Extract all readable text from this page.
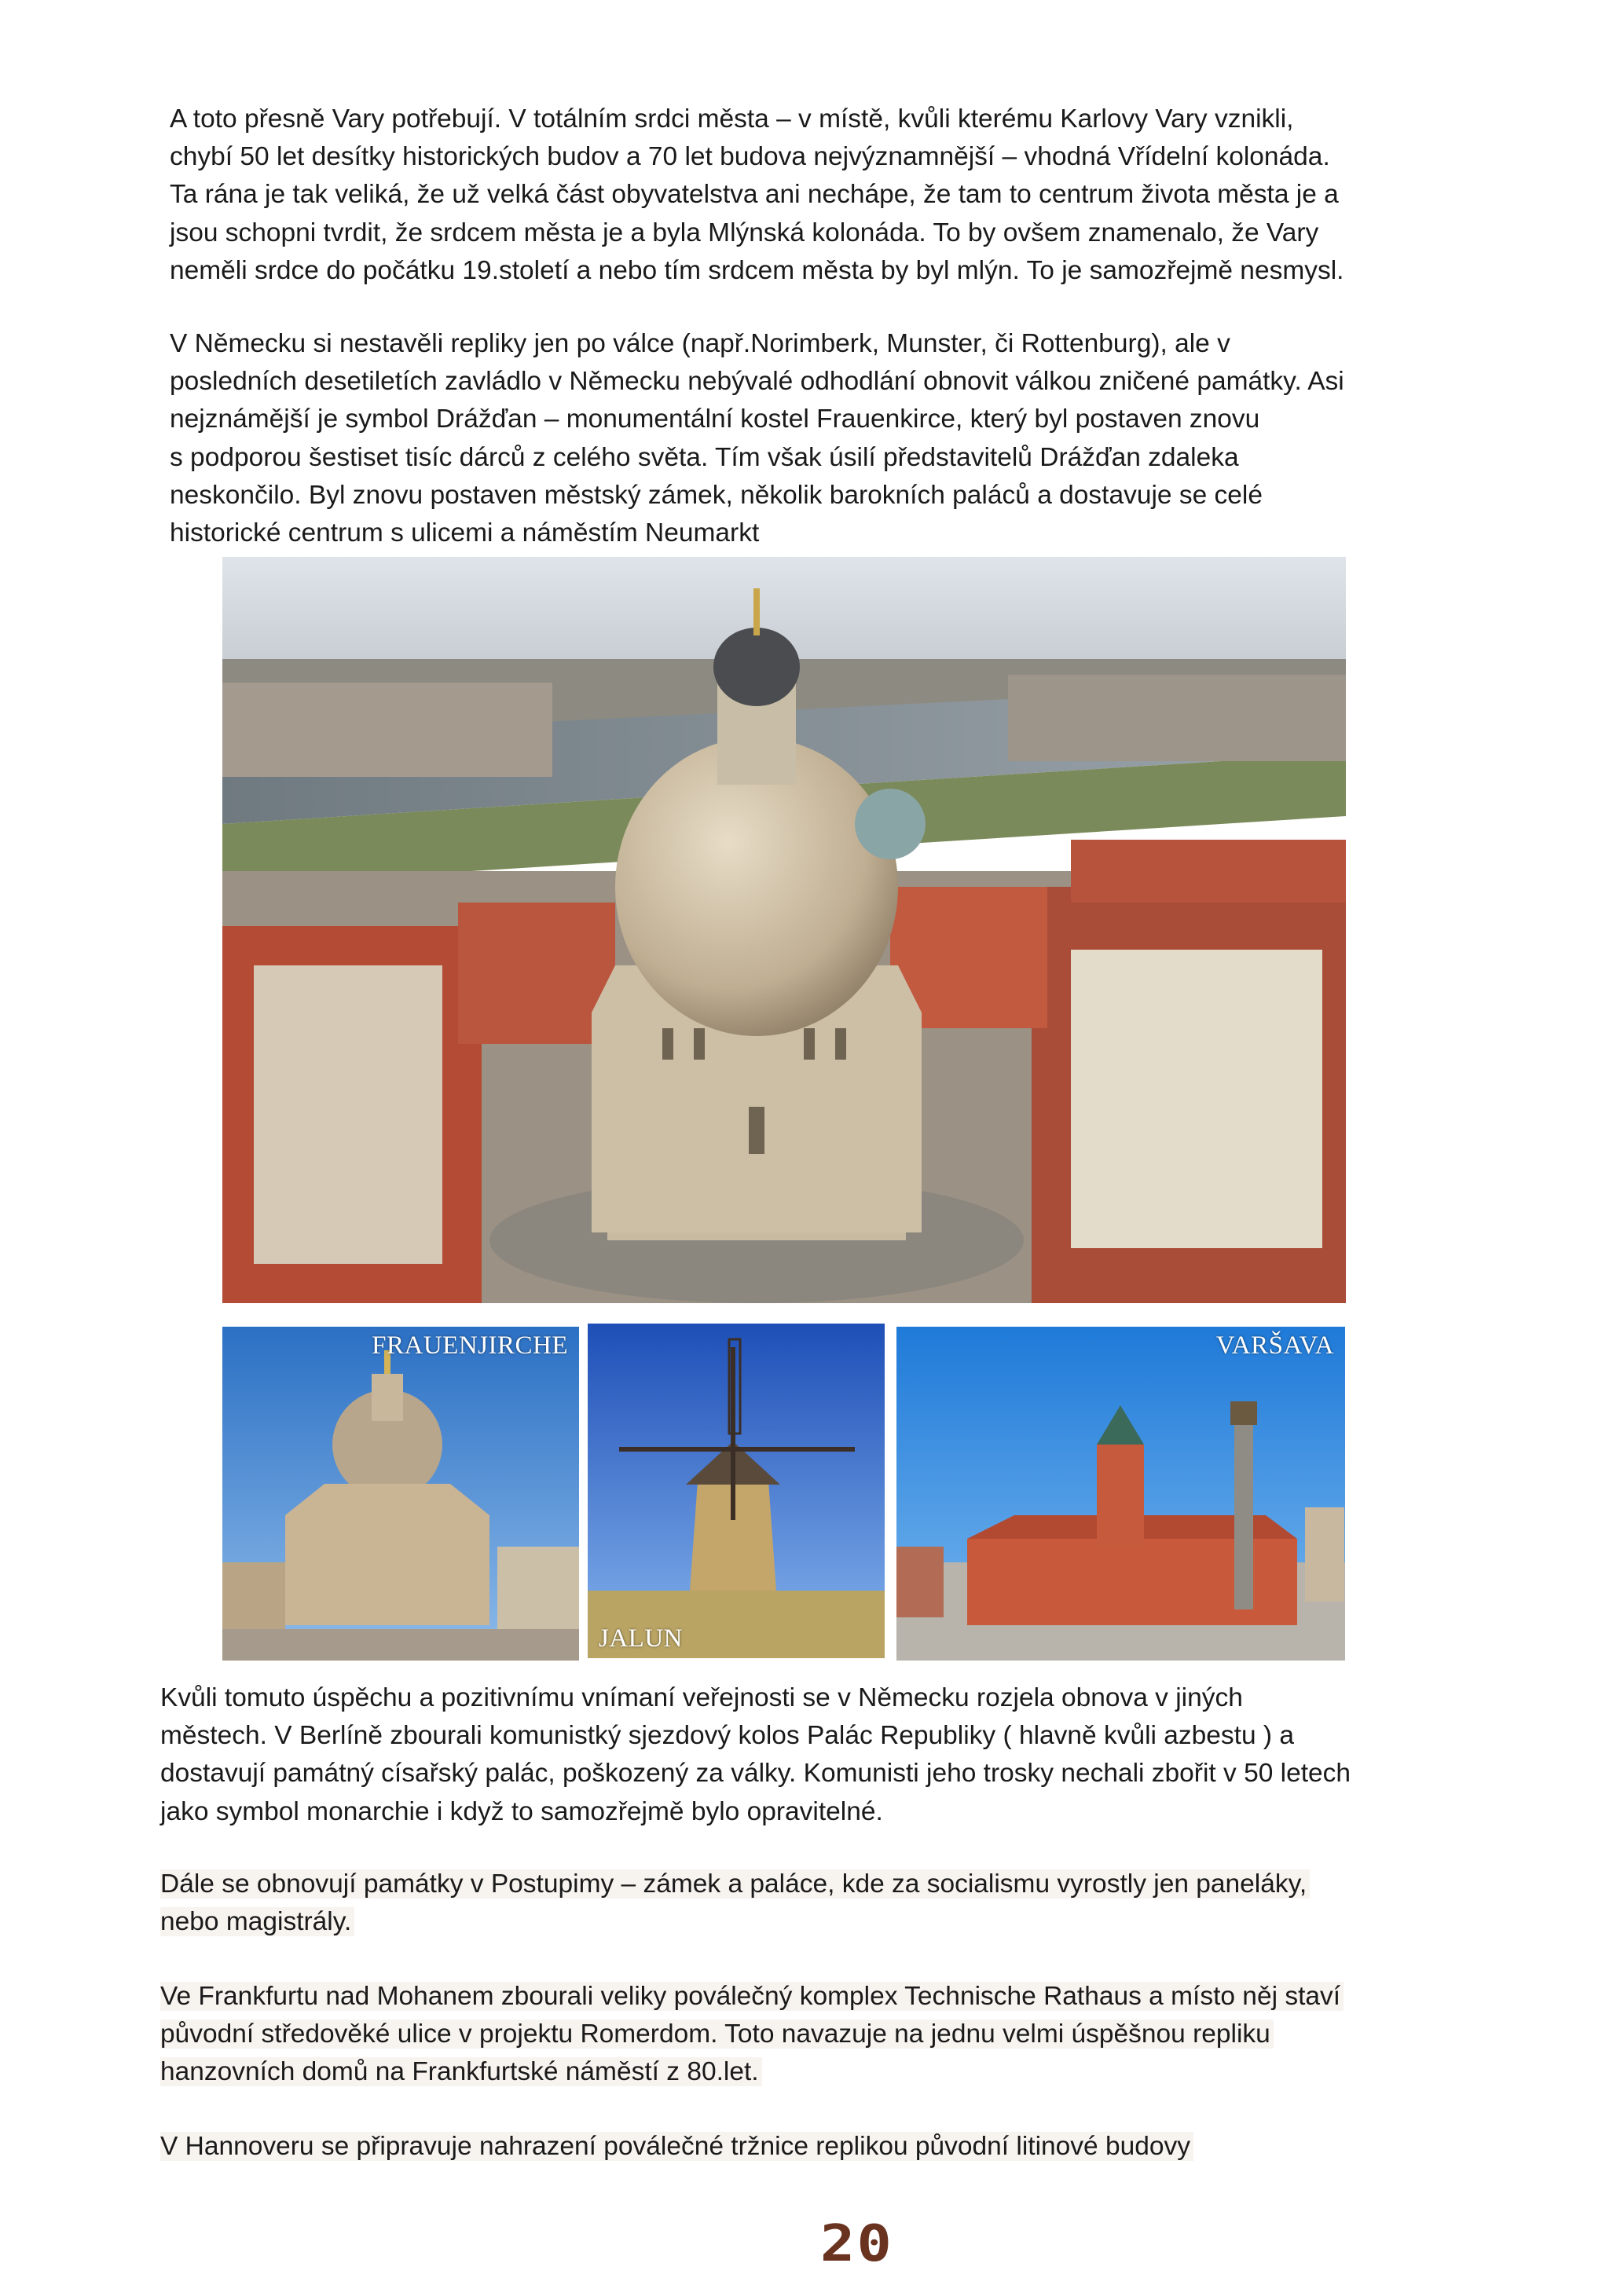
A toto přesně Vary potřebují. V totálním srdci města – v místě, kvůli kterému Karlovy Vary vznikli,
chybí 50 let desítky historických budov a 70 let budova nejvýznamnější – vhodná Vřídelní kolonáda.
Ta rána je tak veliká, že už velká část obyvatelstva ani nechápe, že tam to centrum života města je a
jsou schopni tvrdit, že srdcem města je a byla Mlýnská kolonáda. To by ovšem znamenalo, že Vary
neměli srdce do počátku 19.století a nebo tím srdcem města by byl mlýn. To je samozřejmě nesmysl.
V Německu si nestavěli repliky jen po válce (např.Norimberk, Munster, či Rottenburg), ale v
posledních desetiletích zavládlo v Německu nebývalé odhodlání obnovit válkou zničené památky. Asi
nejznámější je symbol Drážďan – monumentální kostel Frauenkirce, který byl postaven znovu
s podporou šestiset tisíc dárců z celého světa. Tím však úsilí představitelů Drážďan zdaleka
neskončilo. Byl znovu postaven městský zámek, několik barokních paláců a dostavuje se celé
historické centrum s ulicemi a náměstím Neumarkt
FRAUENJIRCHE
JALUN
VARŠAVA
Kvůli tomuto úspěchu a pozitivnímu vnímaní veřejnosti se v Německu rozjela obnova v jiných
městech. V Berlíně zbourali komunistký sjezdový kolos Palác Republiky ( hlavně kvůli azbestu ) a
dostavují památný císařský palác, poškozený za války. Komunisti jeho trosky nechali zbořit v 50 letech
jako symbol monarchie i když to samozřejmě bylo opravitelné.
Dále se obnovují památky v Postupimy – zámek a paláce, kde za socialismu vyrostly jen paneláky,
nebo magistrály.
Ve Frankfurtu nad Mohanem zbourali veliky poválečný komplex Technische Rathaus a místo něj staví
původní středověké ulice v projektu Romerdom. Toto navazuje na jednu velmi úspěšnou repliku
hanzovních domů na Frankfurtské náměstí z 80.let.
V Hannoveru se připravuje nahrazení poválečné tržnice replikou původní litinové budovy
20
